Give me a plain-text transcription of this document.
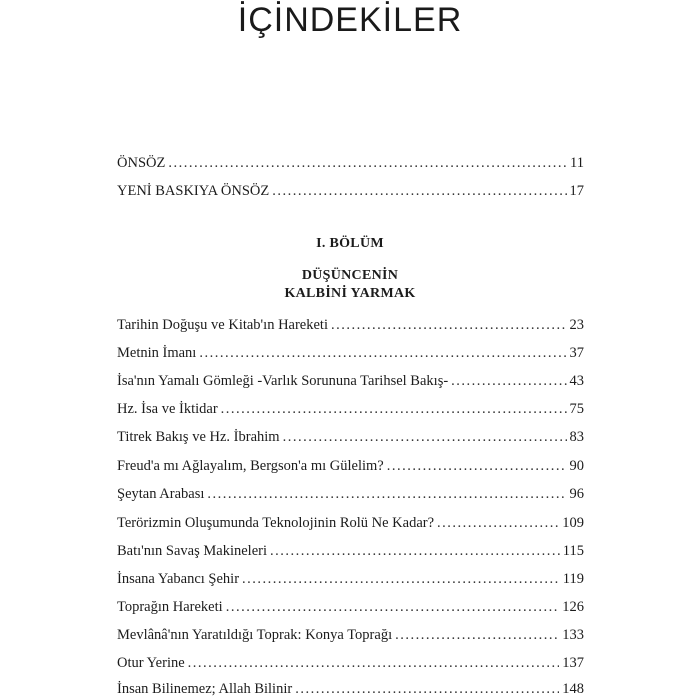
İÇİNDEKİLER
ÖNSÖZ .....	11
YENİ BASKIYA ÖNSÖZ .....	17
I. BÖLÜM
DÜŞÜNCENİN
KALBİNİ YARMAK
Tarihin Doğuşu ve Kitab'ın Hareketi .....	23
Metnin İmanı .....	37
İsa'nın Yamalı Gömleği -Varlık Sorununa Tarihsel Bakış- .....	43
Hz. İsa ve İktidar .....	75
Titrek Bakış ve Hz. İbrahim .....	83
Freud'a mı Ağlayalım, Bergson'a mı Gülelim? .....	90
Şeytan Arabası .....	96
Terörizmin Oluşumunda Teknolojinin Rolü Ne Kadar? .....	109
Batı'nın Savaş Makineleri .....	115
İnsana Yabancı Şehir .....	119
Toprağın Hareketi .....	126
Mevlânâ'nın Yaratıldığı Toprak: Konya Toprağı .....	133
Otur Yerine .....	137
İnsan Bilinemez; Allah Bilinir .....	148
